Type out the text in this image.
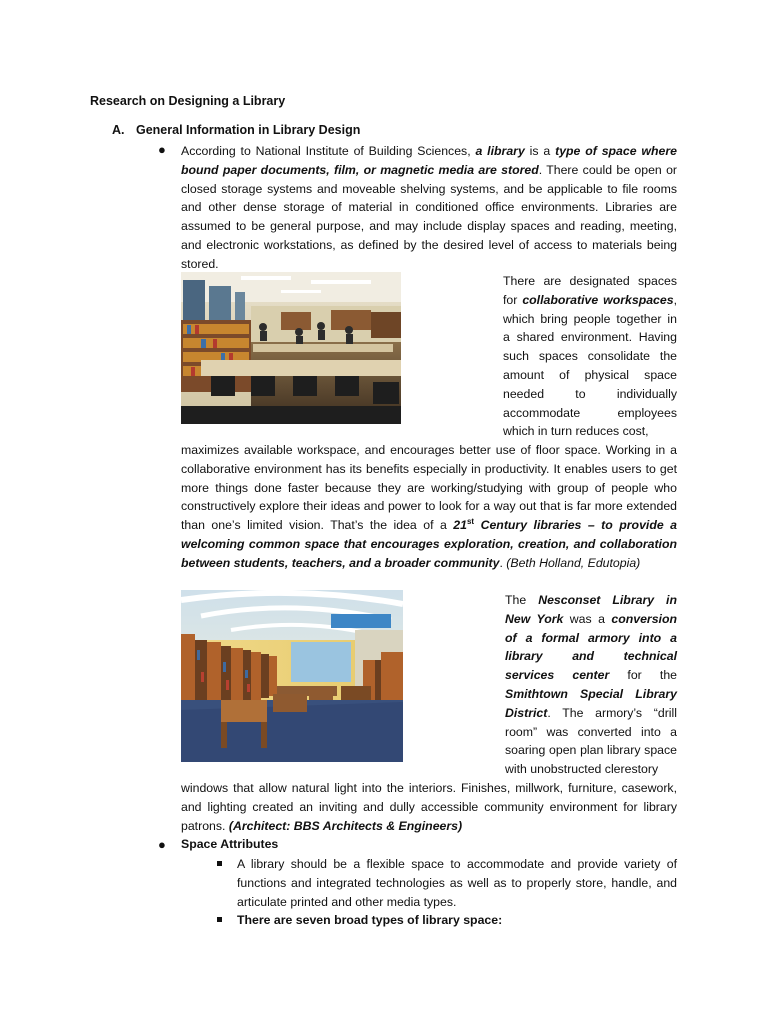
Research on Designing a Library
A. General Information in Library Design
● According to National Institute of Building Sciences, a library is a type of space where bound paper documents, film, or magnetic media are stored. There could be open or closed storage systems and moveable shelving systems, and be applicable to file rooms and other dense storage of material in conditioned office environments. Libraries are assumed to be general purpose, and may include display spaces and reading, meeting, and electronic workstations, as defined by the desired level of access to materials being stored.
There are designated spaces for collaborative workspaces, which bring people together in a shared environment. Having such spaces consolidate the amount of physical space needed to individually accommodate employees which in turn reduces cost,
maximizes available workspace, and encourages better use of floor space. Working in a collaborative environment has its benefits especially in productivity. It enables users to get more things done faster because they are working/studying with group of people who constructively explore their ideas and power to look for a way out that is far more extended than one’s limited vision. That’s the idea of a 21st Century libraries – to provide a welcoming common space that encourages exploration, creation, and collaboration between students, teachers, and a broader community. (Beth Holland, Edutopia)
The Nesconset Library in New York was a conversion of a formal armory into a library and technical services center for the Smithtown Special Library District. The armory’s “drill room” was converted into a soaring open plan library space with unobstructed clerestory
windows that allow natural light into the interiors. Finishes, millwork, furniture, casework, and lighting created an inviting and dully accessible community environment for library patrons. (Architect: BBS Architects & Engineers)
● Space Attributes
A library should be a flexible space to accommodate and provide variety of functions and integrated technologies as well as to properly store, handle, and articulate printed and other media types.
There are seven broad types of library space:
